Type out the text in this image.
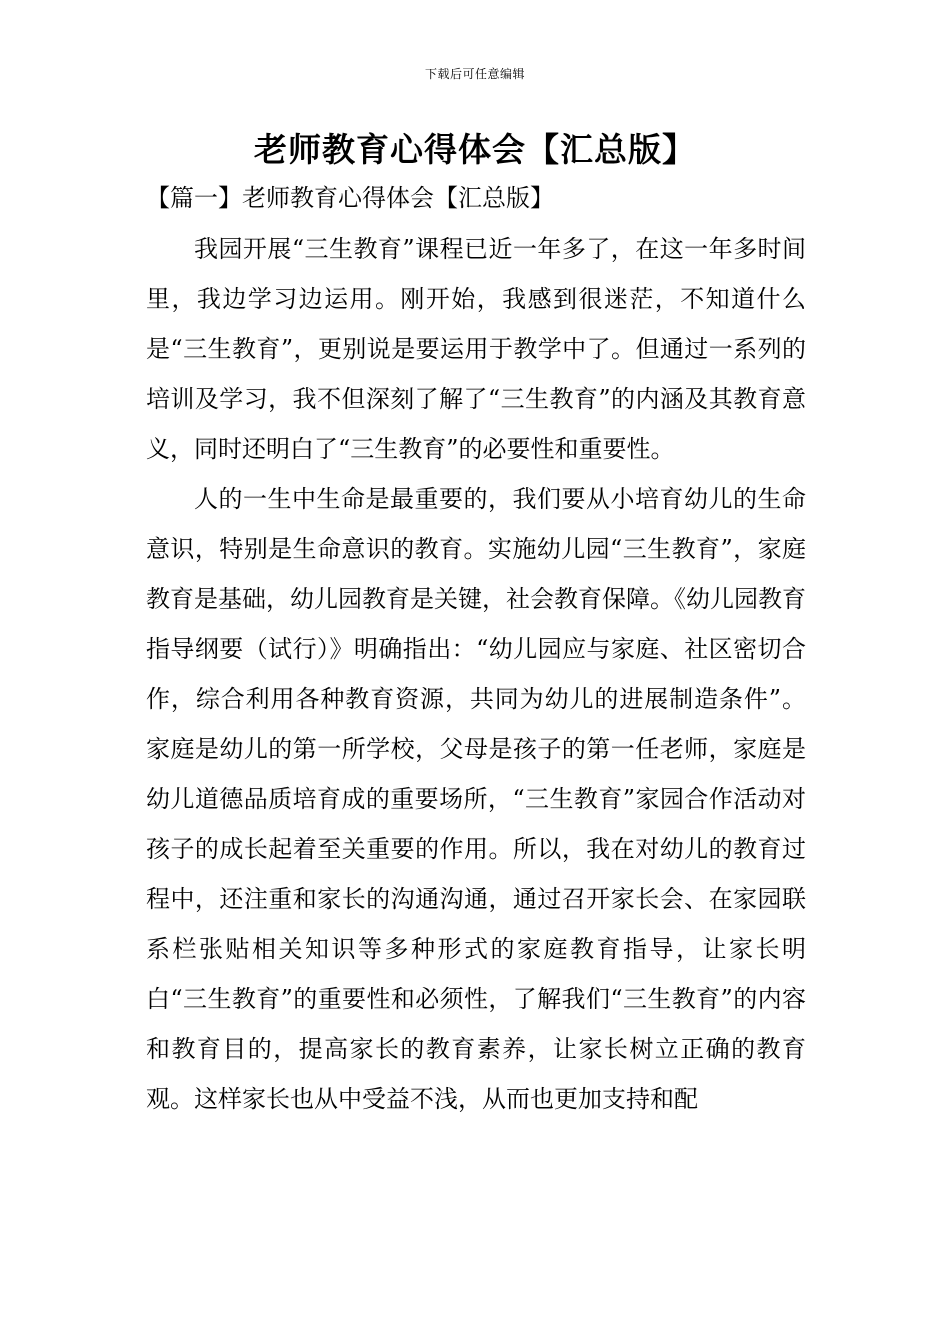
下载后可任意编辑
老师教育心得体会【汇总版】
【篇一】老师教育心得体会【汇总版】

我园开展“三生教育”课程已近一年多了，在这一年多时间里，我边学习边运用。刚开始，我感到很迷茫，不知道什么是“三生教育”，更别说是要运用于教学中了。但通过一系列的培训及学习，我不但深刻了解了“三生教育”的内涵及其教育意义，同时还明白了“三生教育”的必要性和重要性。

人的一生中生命是最重要的，我们要从小培育幼儿的生命意识，特别是生命意识的教育。实施幼儿园“三生教育”，家庭教育是基础，幼儿园教育是关键，社会教育保障。《幼儿园教育指导纲要（试行）》明确指出：“幼儿园应与家庭、社区密切合作，综合利用各种教育资源，共同为幼儿的进展制造条件”。家庭是幼儿的第一所学校，父母是孩子的第一任老师，家庭是幼儿道德品质培育成的重要场所，“三生教育”家园合作活动对孩子的成长起着至关重要的作用。所以，我在对幼儿的教育过程中，还注重和家长的沟通沟通，通过召开家长会、在家园联系栏张贴相关知识等多种形式的家庭教育指导，让家长明白“三生教育”的重要性和必须性，了解我们“三生教育”的内容和教育目的，提高家长的教育素养，让家长树立正确的教育观。这样家长也从中受益不浅，从而也更加支持和配
